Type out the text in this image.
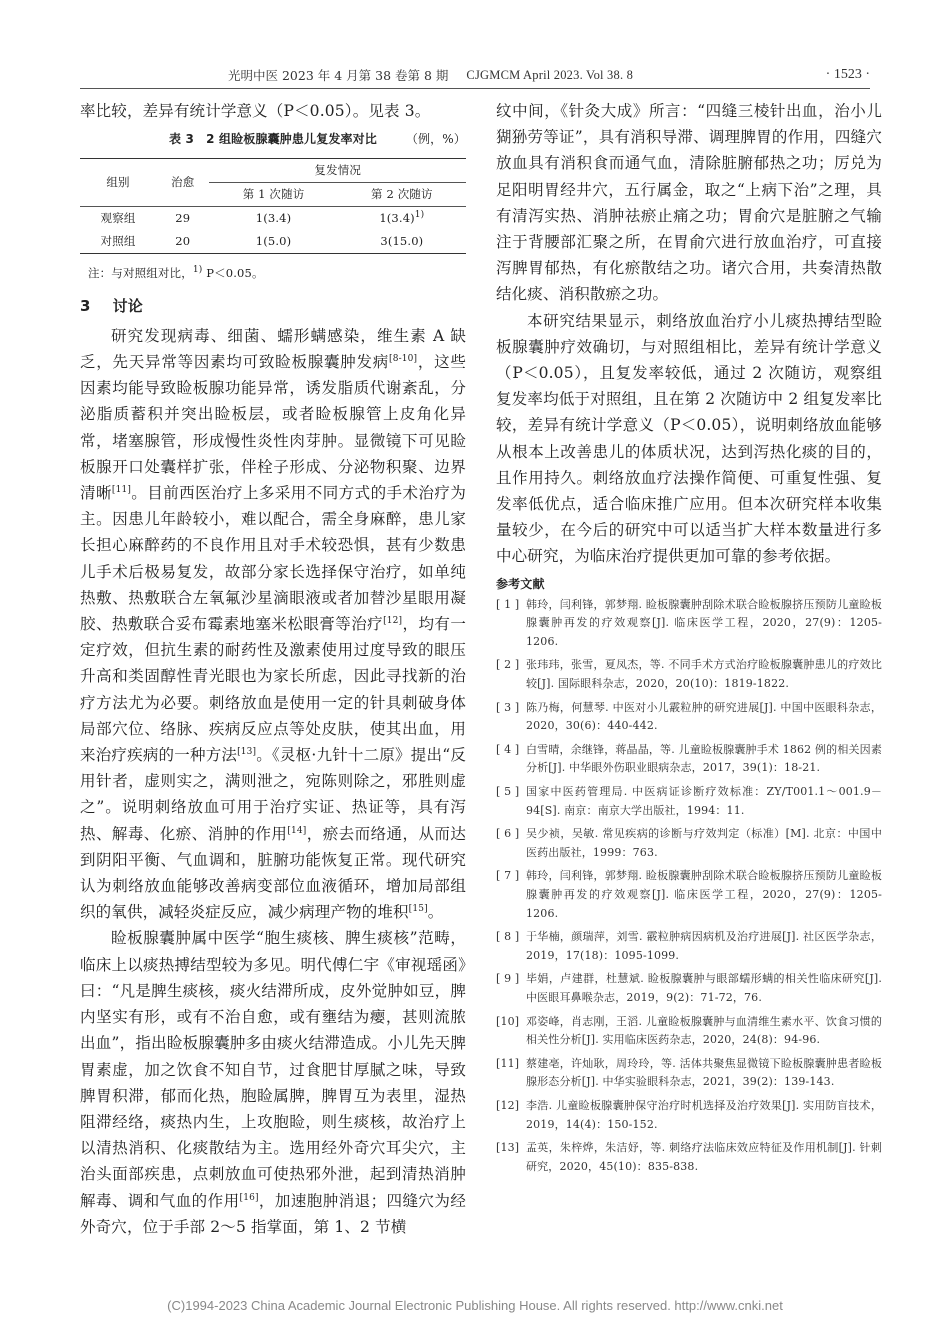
光明中医 2023 年 4 月第 38 卷第 8 期 CJGMCM April 2023. Vol 38. 8	· 1523 ·

率比较，差异有统计学意义（P＜0.05）。见表 3。

表 3　2 组睑板腺囊肿患儿复发率对比 （例，%）
组别	治愈	复发情况	
		第 1 次随访	第 2 次随访
观察组	29	1(3.4)	$1(3.4)^{1)}$
对照组	20	1(5.0)	3(15.0)
注：与对照组对比，$^{1)}$ P＜0.05。
3 讨论

研究发现病毒、细菌、蠕形螨感染，维生素 A 缺乏，先天异常等因素均可致睑板腺囊肿发病[8-10]，这些因素均能导致睑板腺功能异常，诱发脂质代谢紊乱，分泌脂质蓄积并突出睑板层，或者睑板腺管上皮角化异常，堵塞腺管，形成慢性炎性肉芽肿。显微镜下可见睑板腺开口处囊样扩张，伴栓子形成、分泌物积聚、边界清晰[11]。目前西医治疗上多采用不同方式的手术治疗为主。因患儿年龄较小，难以配合，需全身麻醉，患儿家长担心麻醉药的不良作用且对手术较恐惧，甚有少数患儿手术后极易复发，故部分家长选择保守治疗，如单纯热敷、热敷联合左氧氟沙星滴眼液或者加替沙星眼用凝胶、热敷联合妥布霉素地塞米松眼膏等治疗[12]，均有一定疗效，但抗生素的耐药性及激素使用过度导致的眼压升高和类固醇性青光眼也为家长所虑，因此寻找新的治疗方法尤为必要。刺络放血是使用一定的针具刺破身体局部穴位、络脉、疾病反应点等处皮肤，使其出血，用来治疗疾病的一种方法[13]。《灵枢·九针十二原》提出“反用针者，虚则实之，满则泄之，宛陈则除之，邪胜则虚之”。说明刺络放血可用于治疗实证、热证等，具有泻热、解毒、化瘀、消肿的作用[14]，瘀去而络通，从而达到阴阳平衡、气血调和，脏腑功能恢复正常。现代研究认为刺络放血能够改善病变部位血液循环，增加局部组织的氧供，减轻炎症反应，减少病理产物的堆积[15]。

睑板腺囊肿属中医学“胞生痰核、脾生痰核”范畴，临床上以痰热搏结型较为多见。明代傅仁宇《审视瑶函》曰：“凡是脾生痰核，痰火结滞所成，皮外觉肿如豆，脾内坚实有形，或有不治自愈，或有壅结为瘿，甚则流脓出血”，指出睑板腺囊肿多由痰火结滞造成。小儿先天脾胃素虚，加之饮食不知自节，过食肥甘厚腻之味，导致脾胃积滞，郁而化热，胞睑属脾，脾胃互为表里，湿热阻滞经络，痰热内生，上攻胞睑，则生痰核，故治疗上以清热消积、化痰散结为主。选用经外奇穴耳尖穴，主治头面部疾患，点刺放血可使热邪外泄，起到清热消肿解毒、调和气血的作用[16]，加速胞肿消退；四缝穴为经外奇穴，位于手部 2～5 指掌面，第 1、2 节横

纹中间，《针灸大成》所言：“四缝三棱针出血，治小儿猢狲劳等证”，具有消积导滞、调理脾胃的作用，四缝穴放血具有消积食而通气血，清除脏腑郁热之功；厉兑为足阳明胃经井穴，五行属金，取之“上病下治”之理，具有清泻实热、消肿祛瘀止痛之功；胃俞穴是脏腑之气输注于背腰部汇聚之所，在胃俞穴进行放血治疗，可直接泻脾胃郁热，有化瘀散结之功。诸穴合用，共奏清热散结化痰、消积散瘀之功。

本研究结果显示，刺络放血治疗小儿痰热搏结型睑板腺囊肿疗效确切，与对照组相比，差异有统计学意义（P＜0.05），且复发率较低，通过 2 次随访，观察组复发率均低于对照组，且在第 2 次随访中 2 组复发率比较，差异有统计学意义（P＜0.05），说明刺络放血能够从根本上改善患儿的体质状况，达到泻热化痰的目的，且作用持久。刺络放血疗法操作简便、可重复性强、复发率低优点，适合临床推广应用。但本次研究样本收集量较少，在今后的研究中可以适当扩大样本数量进行多中心研究，为临床治疗提供更加可靠的参考依据。

参考文献
[ 1 ] 韩玲，闫利锋，郭梦翔. 睑板腺囊肿刮除术联合睑板腺挤压预防儿童睑板腺囊肿再发的疗效观察[J]. 临床医学工程，2020，27(9)：1205-1206.
[ 2 ] 张玮玮，张雪，夏凤杰，等. 不同手术方式治疗睑板腺囊肿患儿的疗效比较[J]. 国际眼科杂志，2020，20(10)：1819-1822.
[ 3 ] 陈乃梅，何慧琴. 中医对小儿霰粒肿的研究进展[J]. 中国中医眼科杂志，2020，30(6)：440-442.
[ 4 ] 白雪晴，余继锋，蒋晶晶，等. 儿童睑板腺囊肿手术 1862 例的相关因素分析[J]. 中华眼外伤职业眼病杂志，2017，39(1)：18-21.
[ 5 ] 国家中医药管理局. 中医病证诊断疗效标准：ZY/T001.1～001.9－94[S]. 南京：南京大学出版社，1994：11.
[ 6 ] 吴少祯，吴敏. 常见疾病的诊断与疗效判定（标准）[M]. 北京：中国中医药出版社，1999：763.
[ 7 ] 韩玲，闫利锋，郭梦翔. 睑板腺囊肿刮除术联合睑板腺挤压预防儿童睑板腺囊肿再发的疗效观察[J]. 临床医学工程，2020，27(9)：1205-1206.
[ 8 ] 于华楠，颜瑞萍，刘雪. 霰粒肿病因病机及治疗进展[J]. 社区医学杂志，2019，17(18)：1095-1099.
[ 9 ] 毕娟，卢建群，杜慧斌. 睑板腺囊肿与眼部蠕形螨的相关性临床研究[J]. 中医眼耳鼻喉杂志，2019，9(2)：71-72，76.
[10] 邓姿峰，肖志刚，王滔. 儿童睑板腺囊肿与血清维生素水平、饮食习惯的相关性分析[J]. 实用临床医药杂志，2020，24(8)：94-96.
[11] 蔡建亳，许灿耿，周玲玲，等. 活体共聚焦显微镜下睑板腺囊肿患者睑板腺形态分析[J]. 中华实验眼科杂志，2021，39(2)：139-143.
[12] 李浩. 儿童睑板腺囊肿保守治疗时机选择及治疗效果[J]. 实用防盲技术，2019，14(4)：150-152.
[13] 孟英，朱梓烨，朱洁妤，等. 刺络疗法临床效应特征及作用机制[J]. 针刺研究，2020，45(10)：835-838.
(C)1994-2023 China Academic Journal Electronic Publishing House. All rights reserved. http://www.cnki.net
